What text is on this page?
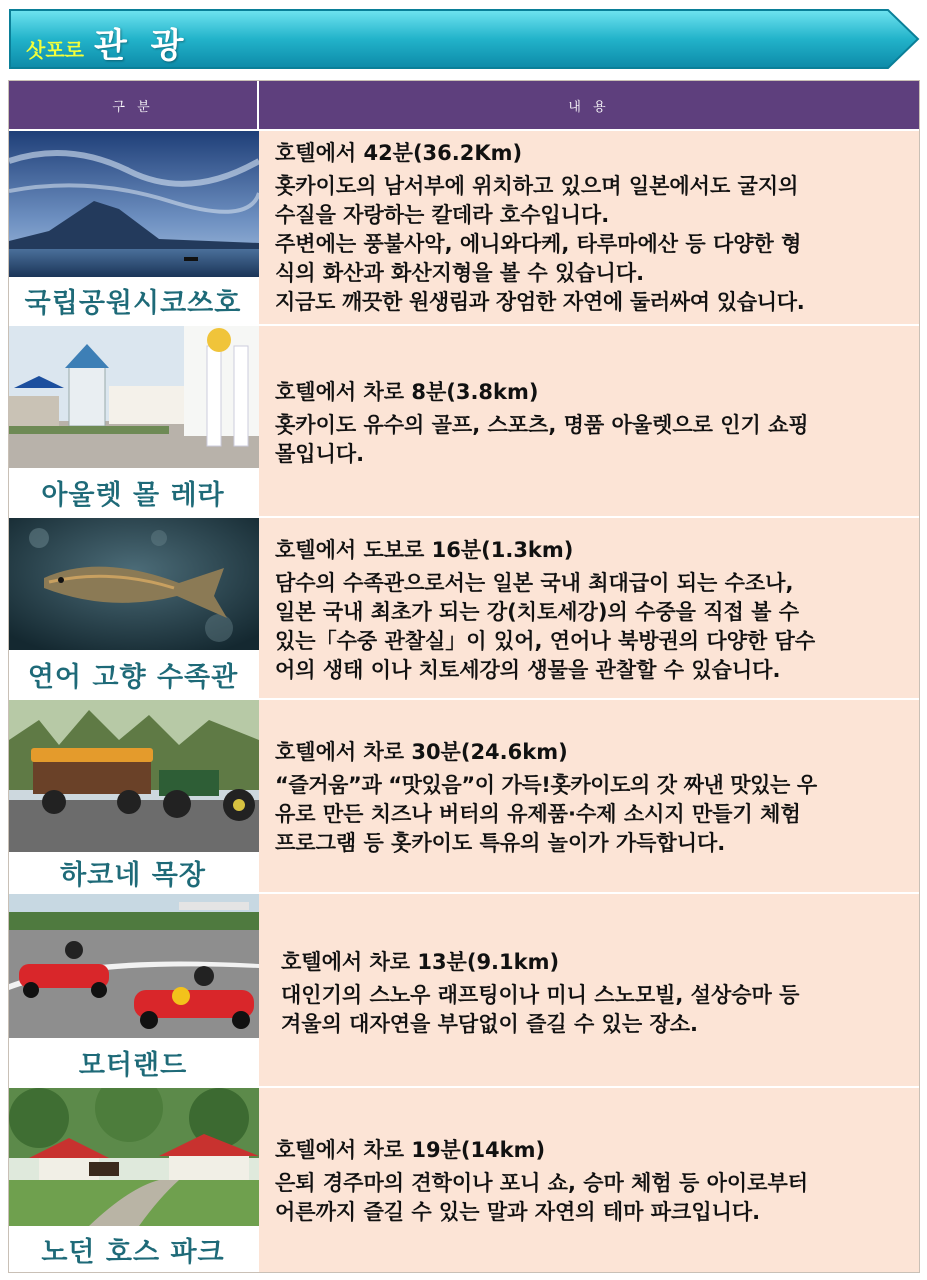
삿포로 관 광
구 분	내 용
국립공원시코쓰호
호텔에서 42분(36.2Km)
홋카이도의 남서부에 위치하고 있으며 일본에서도 굴지의
수질을 자랑하는 칼데라 호수입니다.
주변에는 풍불사악, 에니와다케, 타루마에산 등 다양한 형
식의 화산과 화산지형을 볼 수 있습니다.
지금도 깨끗한 원생림과 장엄한 자연에 둘러싸여 있습니다.
아울렛 몰 레라
호텔에서 차로 8분(3.8km)
홋카이도 유수의 골프, 스포츠, 명품 아울렛으로 인기 쇼핑
몰입니다.
연어 고향 수족관
호텔에서 도보로 16분(1.3km)
담수의 수족관으로서는 일본 국내 최대급이 되는 수조나,
일본 국내 최초가 되는 강(치토세강)의 수중을 직접 볼 수
있는「수중 관찰실」이 있어, 연어나 북방권의 다양한 담수
어의 생태 이나 치토세강의 생물을 관찰할 수 있습니다.
하코네 목장
호텔에서 차로 30분(24.6km)
“즐거움”과 “맛있음”이 가득!홋카이도의 갓 짜낸 맛있는 우
유로 만든 치즈나 버터의 유제품·수제 소시지 만들기 체험
프로그램 등 홋카이도 특유의 놀이가 가득합니다.
모터랜드
호텔에서 차로 13분(9.1km)
대인기의 스노우 래프팅이나 미니 스노모빌, 설상승마 등
겨울의 대자연을 부담없이 즐길 수 있는 장소.
노던 호스 파크
호텔에서 차로 19분(14km)
은퇴 경주마의 견학이나 포니 쇼, 승마 체험 등 아이로부터
어른까지 즐길 수 있는 말과 자연의 테마 파크입니다.
